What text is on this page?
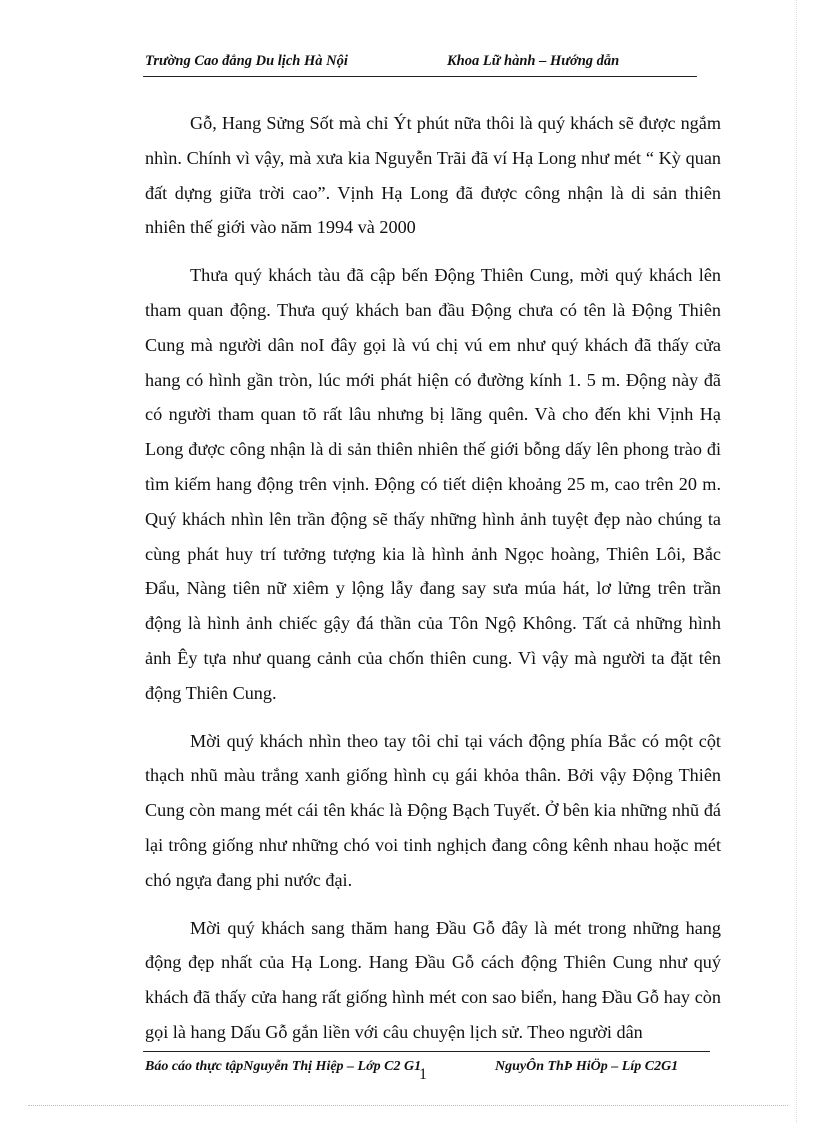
Trường Cao đẳng Du lịch Hà Nội	Khoa Lữ hành – Hướng dẫn

Gỗ, Hang Sửng Sốt mà chỉ Ýt phút nữa thôi là quý khách sẽ được ngắm nhìn. Chính vì vậy, mà xưa kia Nguyễn Trãi đã ví Hạ Long như mét “ Kỳ quan đất dựng giữa trời cao”. Vịnh Hạ Long đã được công nhận là di sản thiên nhiên thế giới vào năm 1994 và 2000

Thưa quý khách tàu đã cập bến Động Thiên Cung, mời quý khách lên tham quan động. Thưa quý khách ban đầu Động chưa có tên là Động Thiên Cung mà người dân noI đây gọi là vú chị vú em như quý khách đã thấy cửa hang có hình gần tròn, lúc mới phát hiện có đường kính 1. 5 m. Động này đã có người tham quan tõ rất lâu nhưng bị lãng quên. Và cho đến khi Vịnh Hạ Long được công nhận là di sản thiên nhiên thế giới bỗng dấy lên phong trào đi tìm kiếm hang động trên vịnh. Động có tiết diện khoảng 25 m, cao trên 20 m. Quý khách nhìn lên trần động sẽ thấy những hình ảnh tuyệt đẹp nào chúng ta cùng phát huy trí tưởng tượng kia là hình ảnh Ngọc hoàng, Thiên Lôi, Bắc Đẩu, Nàng tiên nữ xiêm y lộng lẫy đang say sưa múa hát, lơ lửng trên trần động là hình ảnh chiếc gậy đá thần của Tôn Ngộ Không. Tất cả những hình ảnh Êy tựa như quang cảnh của chốn thiên cung. Vì vậy mà người ta đặt tên động Thiên Cung.

Mời quý khách nhìn theo tay tôi chỉ tại vách động phía Bắc có một cột thạch nhũ màu trắng xanh giống hình cụ gái khỏa thân. Bởi vậy Động Thiên Cung còn mang mét cái tên khác là Động Bạch Tuyết. Ở bên kia những nhũ đá lại trông giống như những chó voi tinh nghịch đang công kênh nhau hoặc mét chó ngựa đang phi nước đại.

Mời quý khách sang thăm hang Đầu Gỗ đây là mét trong những hang động đẹp nhất của Hạ Long. Hang Đầu Gỗ cách động Thiên Cung như quý khách đã thấy cửa hang rất giống hình mét con sao biển, hang Đầu Gỗ hay còn gọi là hang Dấu Gỗ gắn liền với câu chuyện lịch sử. Theo người dân

Báo cáo thực tậpNguyễn Thị Hiệp – Lớp C2 G1	NguyÔn ThÞ HiÖp – Líp C2G1
1
